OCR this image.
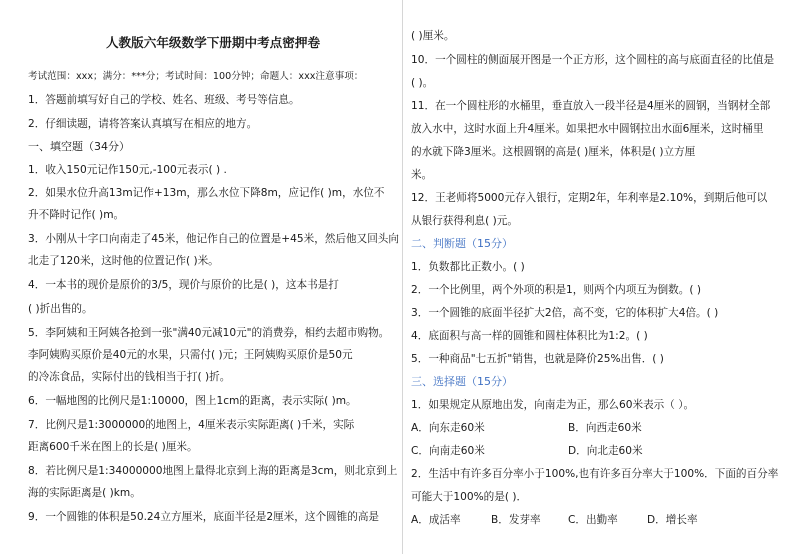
人教版六年级数学下册期中考点密押卷
考试范围：xxx；满分：***分；考试时间：100分钟；命题人：xxx注意事项：
1．答题前填写好自己的学校、姓名、班级、考号等信息。
2．仔细读题，请将答案认真填写在相应的地方。
一、填空题（34分）
1．收入150元记作150元,-100元表示( ) .
2．如果水位升高13m记作+13m，那么水位下降8m，应记作( )m，水位不
升不降时记作( )m。
3．小刚从十字口向南走了45米，他记作自己的位置是+45米，然后他又回头向
北走了120米，这时他的位置记作( )米。
4．一本书的现价是原价的3/5，现价与原价的比是( )，这本书是打
( )折出售的。
5．李阿姨和王阿姨各抢到一张"满40元减10元"的消费券，相约去超市购物。
李阿姨购买原价是40元的水果，只需付( )元；王阿姨购买原价是50元
的冷冻食品，实际付出的钱相当于打( )折。
6．一幅地图的比例尺是1:10000，图上1cm的距离，表示实际( )m。
7．比例尺是1:3000000的地图上，4厘米表示实际距离( )千米，实际
距离600千米在图上的长是( )厘米。
8．若比例尺是1:34000000地图上量得北京到上海的距离是3cm，则北京到上
海的实际距离是( )km。
9．一个圆锥的体积是50.24立方厘米，底面半径是2厘米，这个圆锥的高是
( )厘米。
10．一个圆柱的侧面展开图是一个正方形，这个圆柱的高与底面直径的比值是
( )。
11．在一个圆柱形的水桶里，垂直放入一段半径是4厘米的圆钢，当钢材全部
放入水中，这时水面上升4厘米。如果把水中圆钢拉出水面6厘米，这时桶里
的水就下降3厘米。这根圆钢的高是( )厘米，体积是( )立方厘
米。
12．王老师将5000元存入银行，定期2年，年利率是2.10%，到期后他可以
从银行获得利息( )元。
二、判断题（15分）
1．负数都比正数小。( )
2．一个比例里，两个外项的积是1，则两个内项互为倒数。( )
3．一个圆锥的底面半径扩大2倍，高不变，它的体积扩大4倍。( )
4．底面积与高一样的圆锥和圆柱体积比为1:2。( )
5．一种商品"七五折"销售，也就是降价25%出售．( )
三、选择题（15分）
1．如果规定从原地出发，向南走为正，那么60米表示（ ）。
A．向东走60米	B．向西走60米
C．向南走60米	D．向北走60米
2．生活中有许多百分率小于100%,也有许多百分率大于100%．下面的百分率
可能大于100%的是( )．
A．成活率	B．发芽率	C．出勤率	D．增长率
